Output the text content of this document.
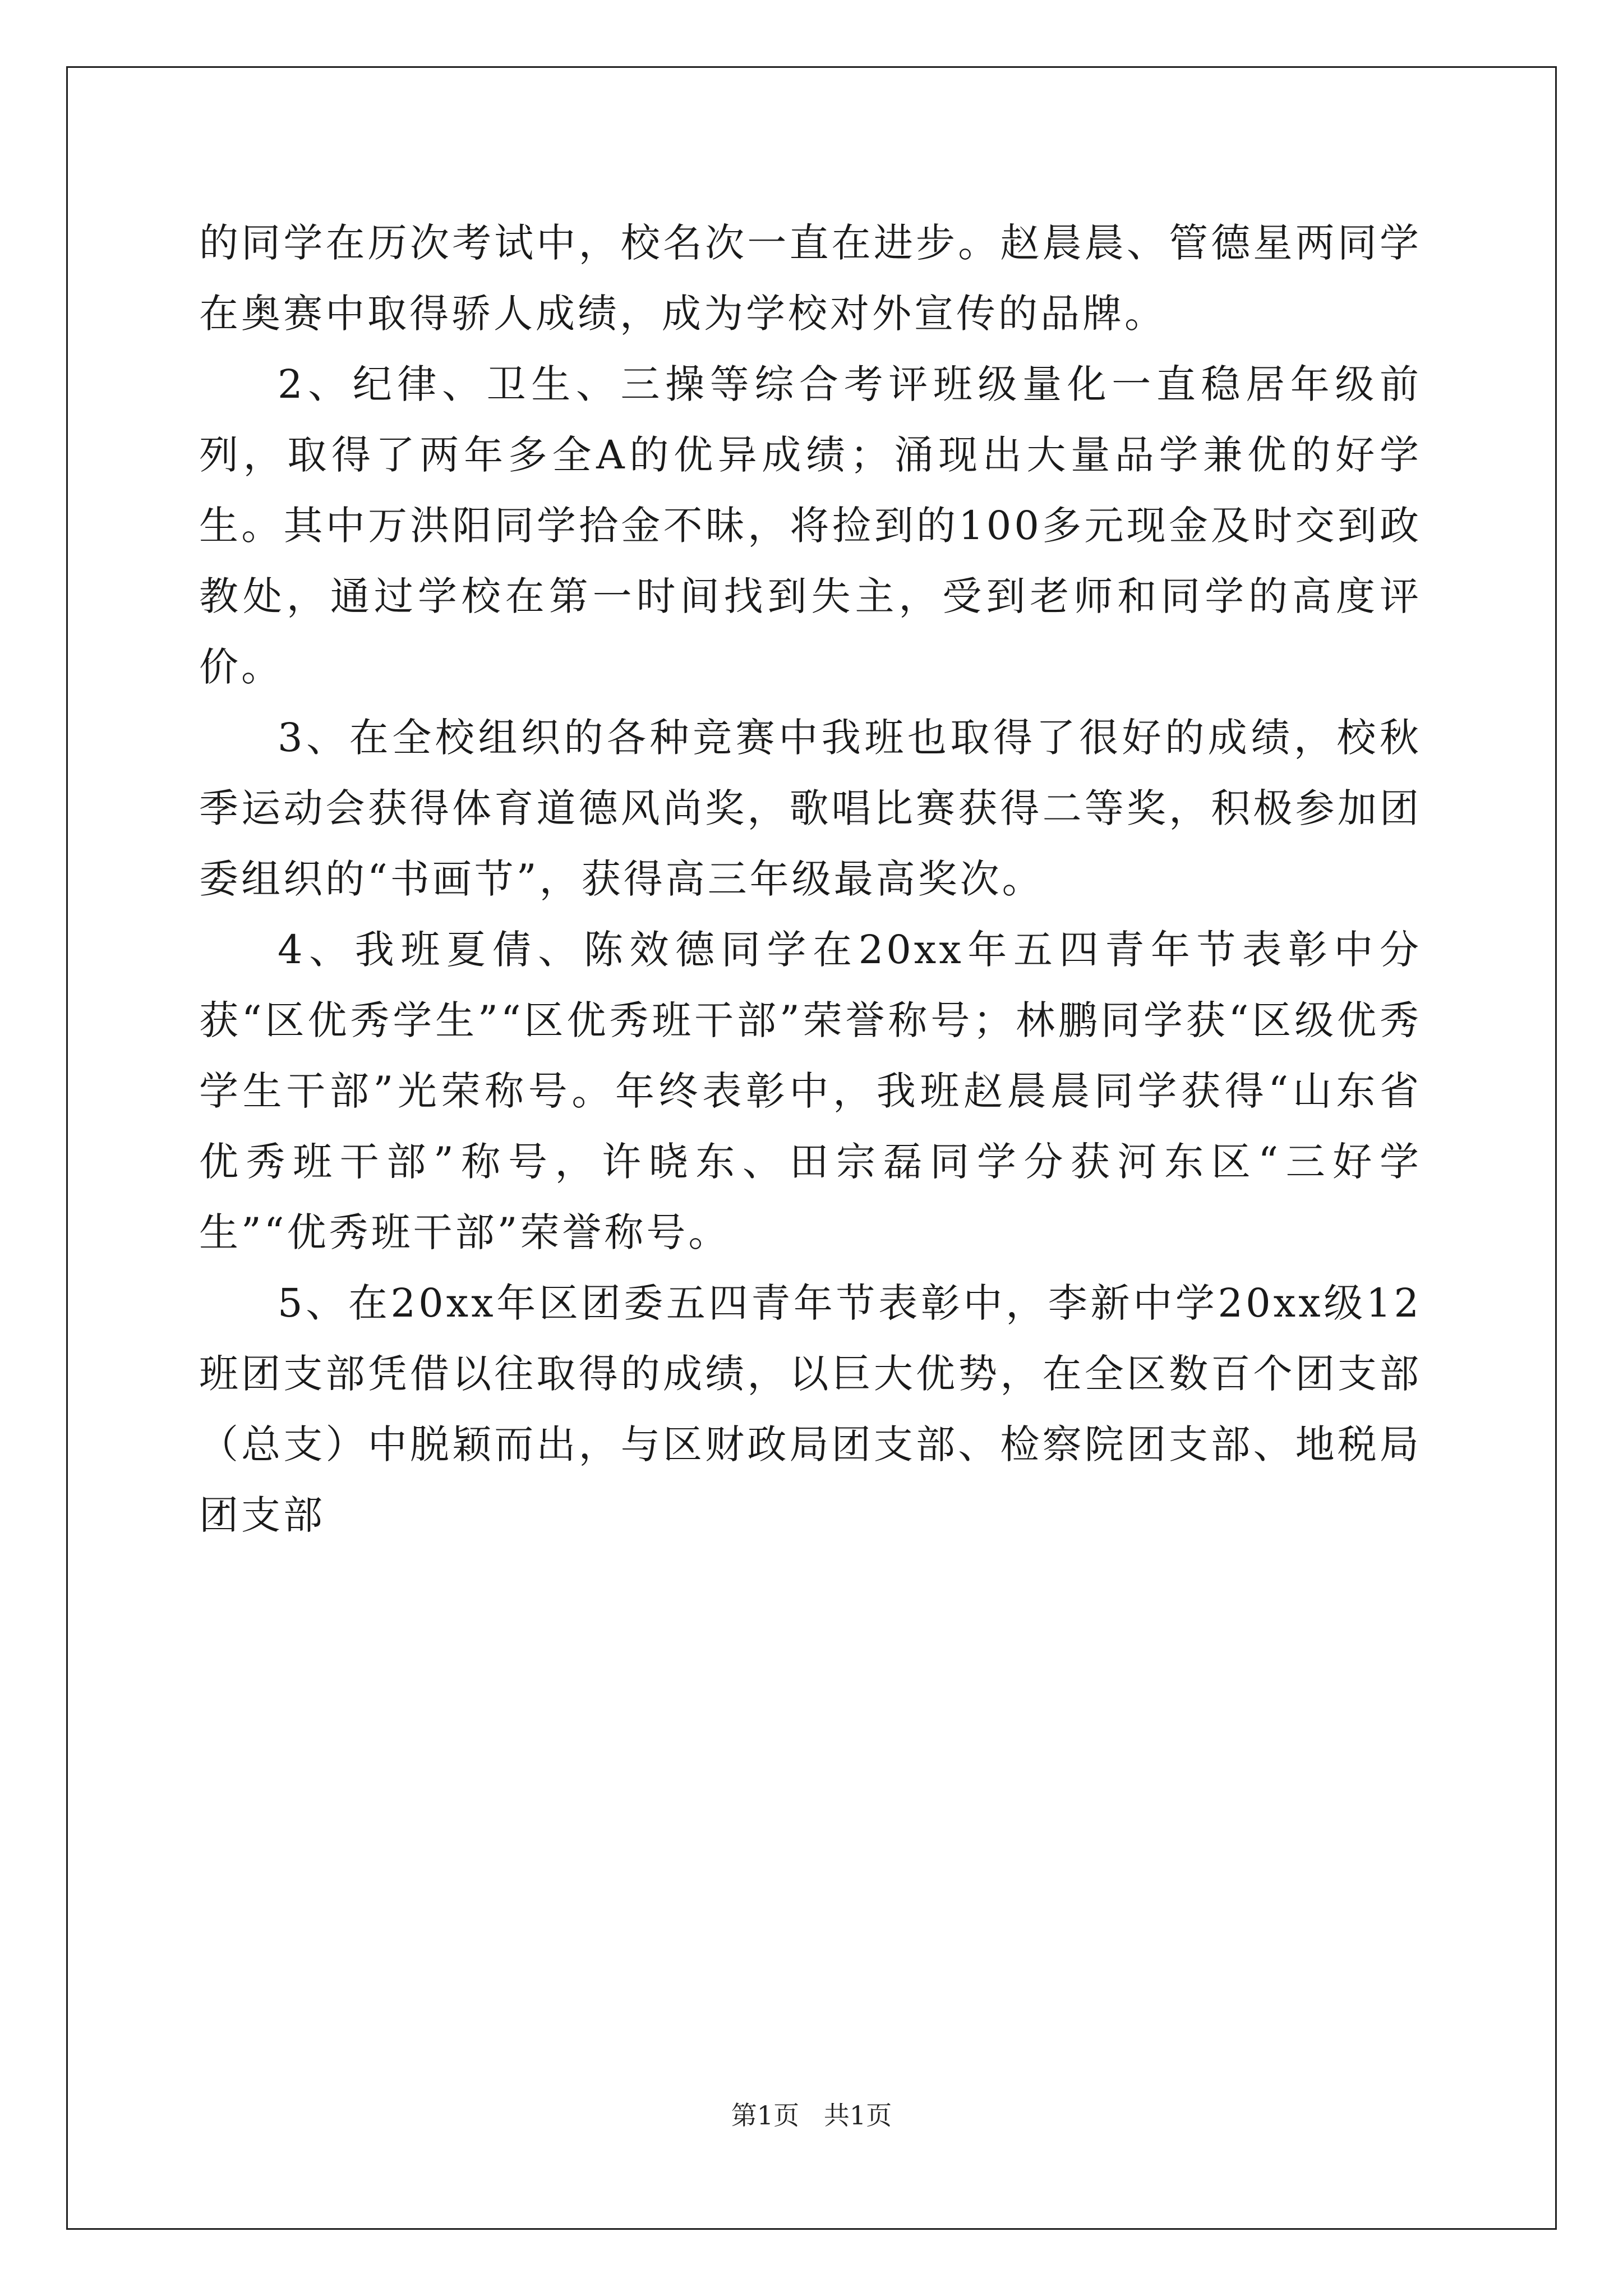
的同学在历次考试中，校名次一直在进步。赵晨晨、管德星两同学在奥赛中取得骄人成绩，成为学校对外宣传的品牌。

2、纪律、卫生、三操等综合考评班级量化一直稳居年级前列，取得了两年多全A的优异成绩；涌现出大量品学兼优的好学生。其中万洪阳同学拾金不昧，将捡到的100多元现金及时交到政教处，通过学校在第一时间找到失主，受到老师和同学的高度评价。

3、在全校组织的各种竞赛中我班也取得了很好的成绩，校秋季运动会获得体育道德风尚奖，歌唱比赛获得二等奖，积极参加团委组织的“书画节”，获得高三年级最高奖次。

4、我班夏倩、陈效德同学在20xx年五四青年节表彰中分获“区优秀学生”“区优秀班干部”荣誉称号；林鹏同学获“区级优秀学生干部”光荣称号。年终表彰中，我班赵晨晨同学获得“山东省优秀班干部”称号，许晓东、田宗磊同学分获河东区“三好学生”“优秀班干部”荣誉称号。

5、在20xx年区团委五四青年节表彰中，李新中学20xx级12班团支部凭借以往取得的成绩，以巨大优势，在全区数百个团支部（总支）中脱颖而出，与区财政局团支部、检察院团支部、地税局团支部

第1页   共1页
